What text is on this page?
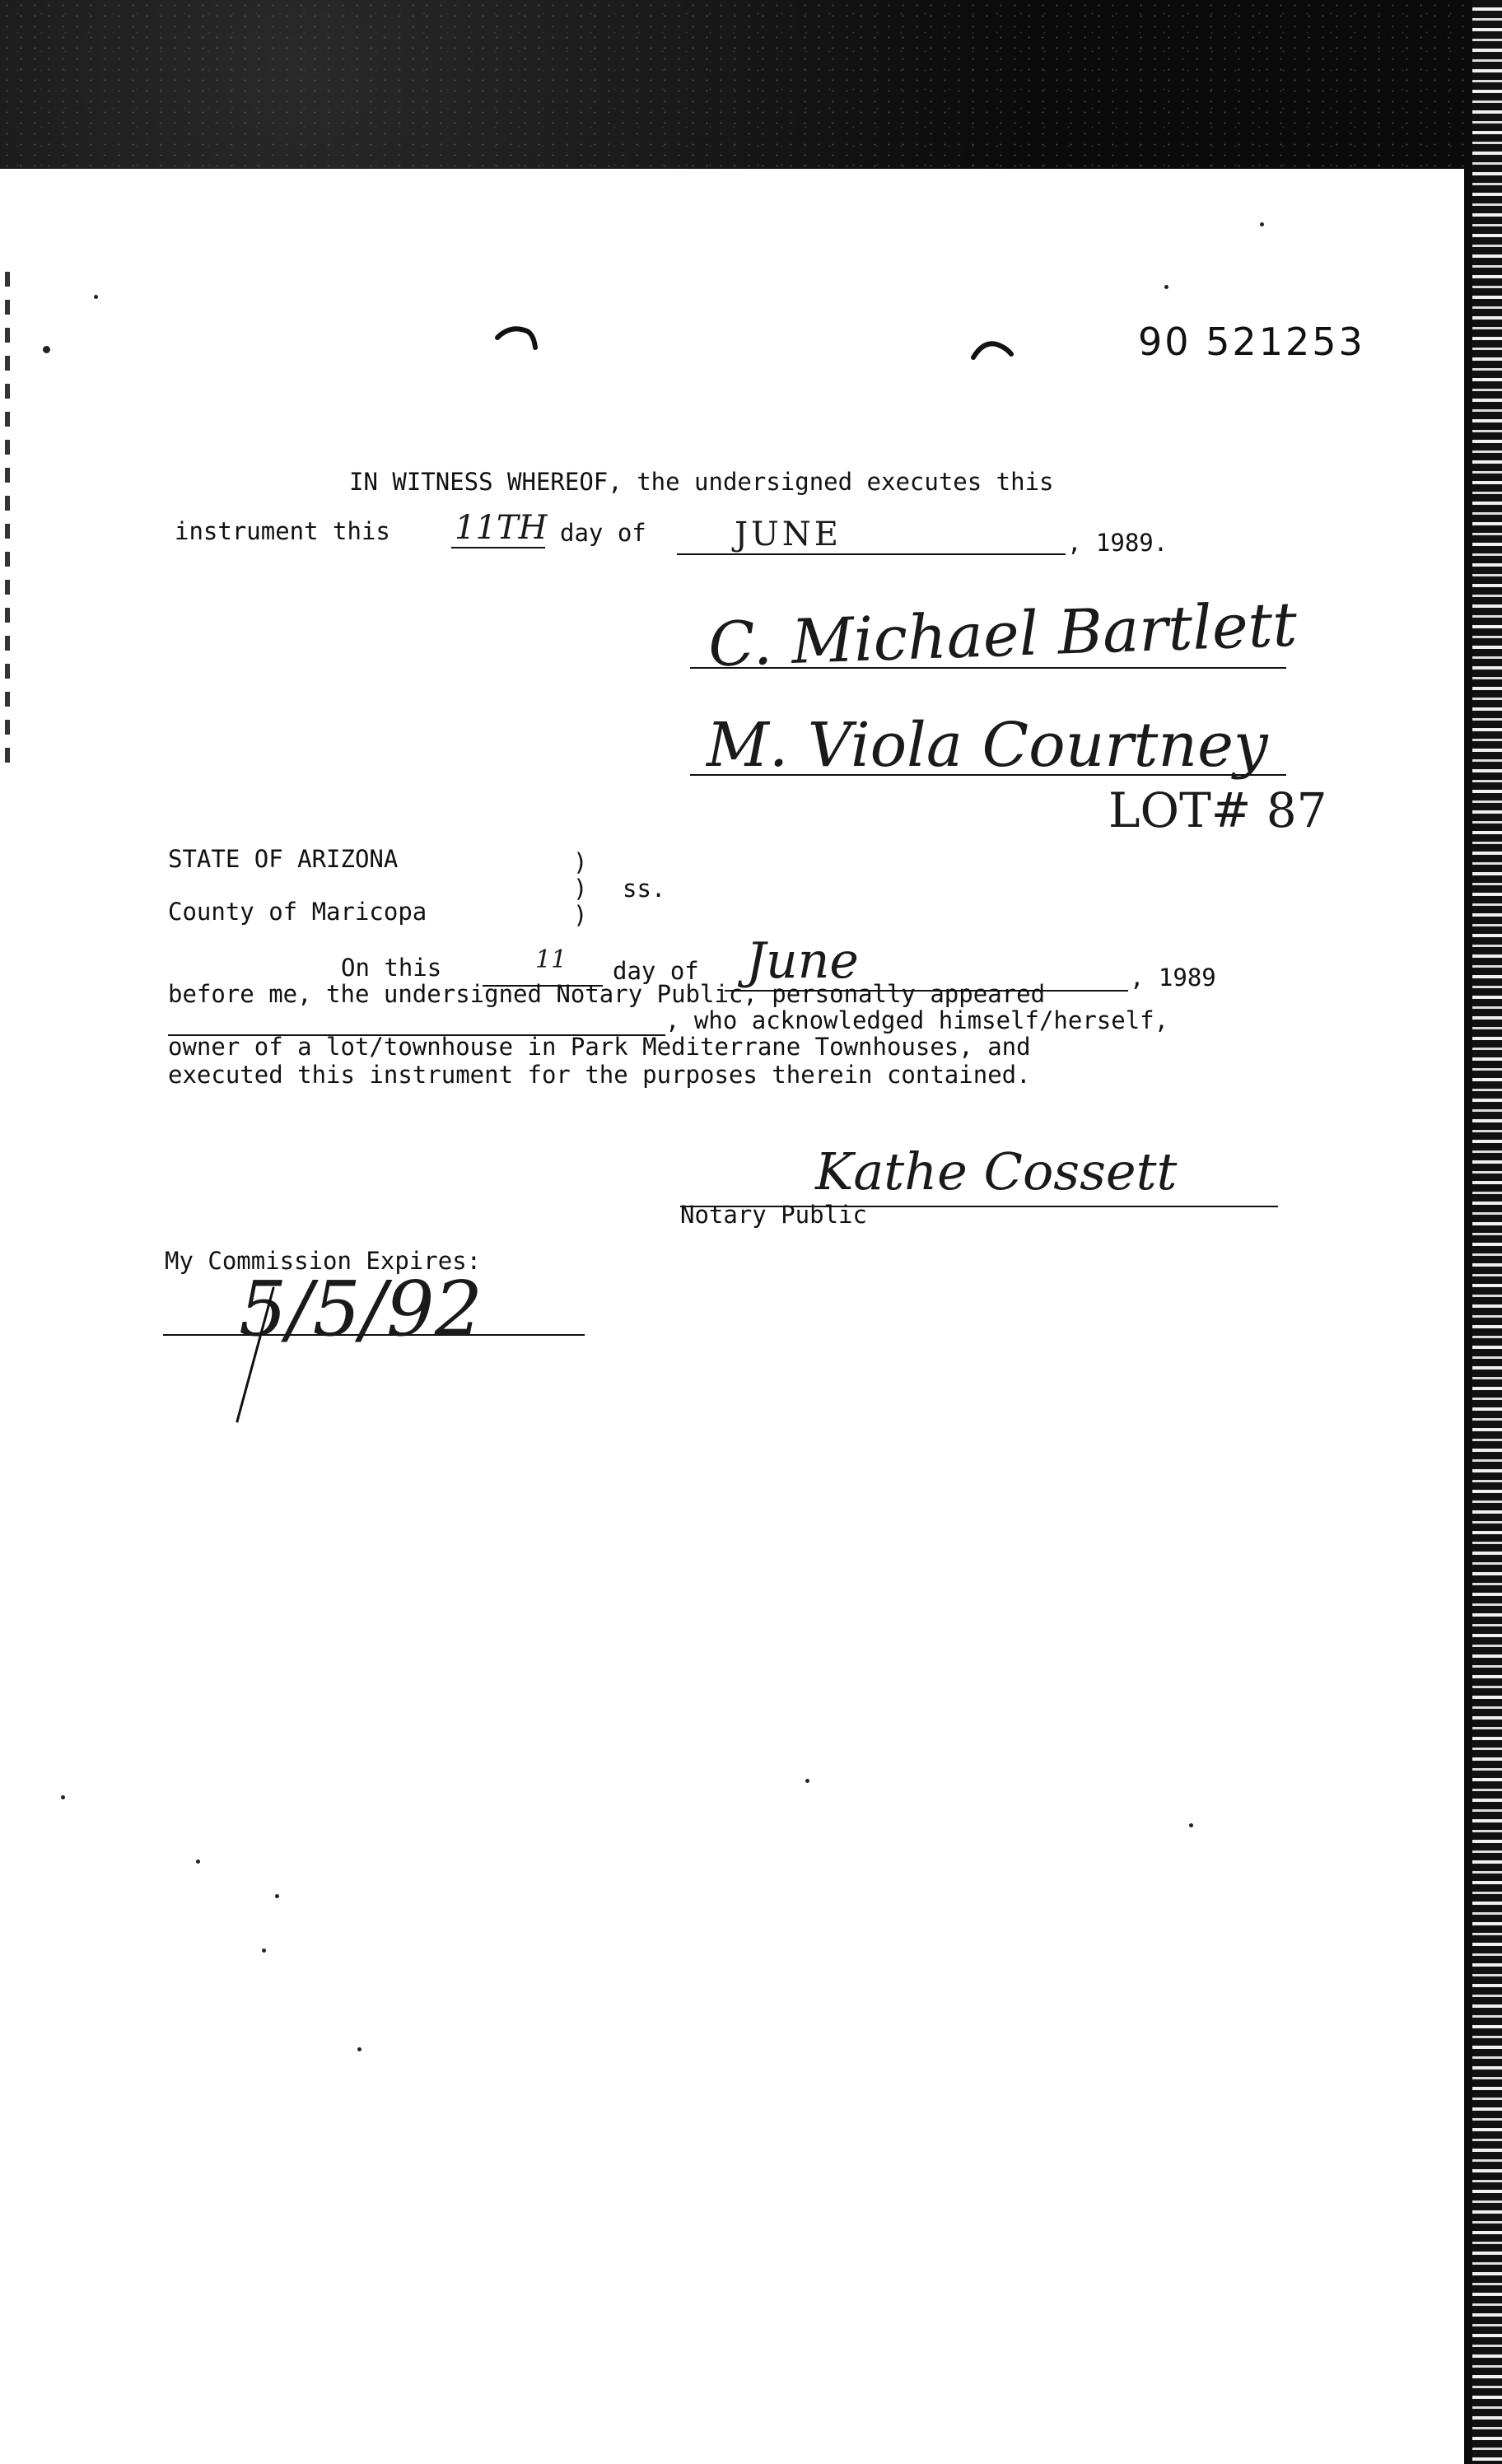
90 521253
IN WITNESS WHEREOF, the undersigned executes this
instrument this 11TH day of	JUNE	, 1989.
C. Michael Bartlett
M. Viola Courtney
LOT# 87
STATE OF ARIZONA
County of Maricopa
)
)
)
ss.
On this	11 day of June	, 1989
before me, the undersigned Notary Public, personally appeared
, who acknowledged himself/herself,
owner of a lot/townhouse in Park Mediterrane Townhouses, and
executed this instrument for the purposes therein contained.
Kathe Cossett
Notary Public
My Commission Expires:
5/5/92
